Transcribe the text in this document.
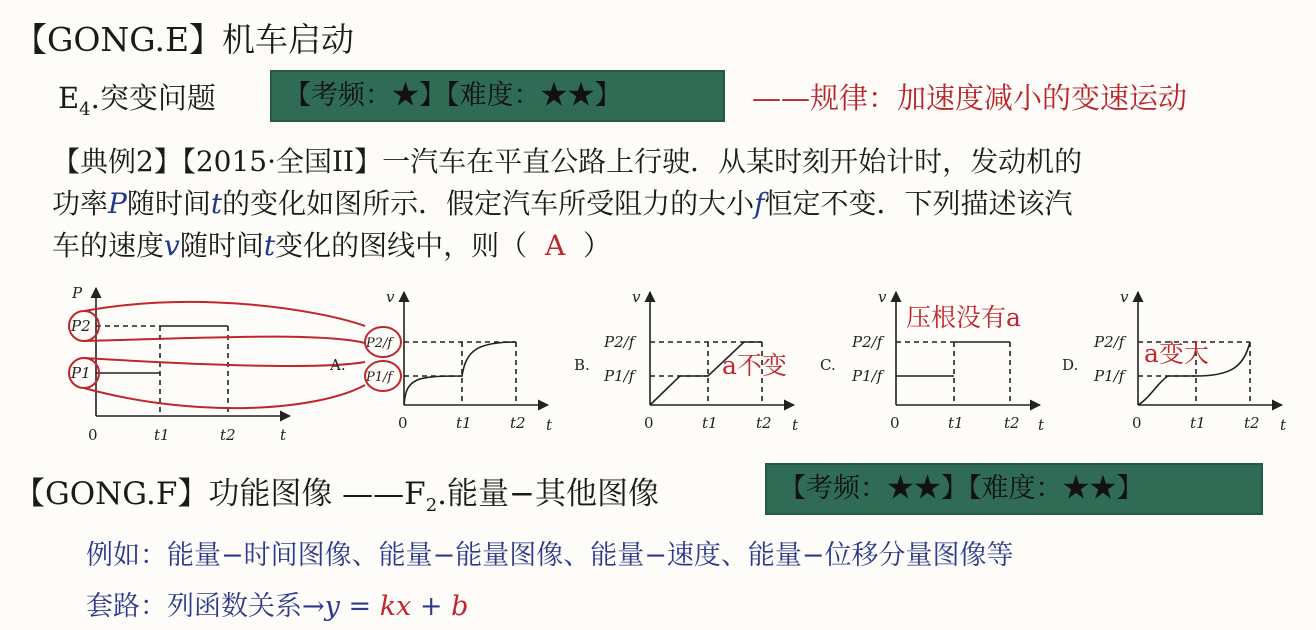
【GONG.E】机车启动
$E_4$.突变问题	【考频：★】【难度：★★】	——规律：加速度减小的变速运动
【典例2】【2015·全国II】一汽车在平直公路上行驶．从某时刻开始计时，发动机的
功率P随时间t的变化如图所示．假定汽车所受阻力的大小f恒定不变．下列描述该汽
车的速度v随时间t变化的图线中，则（ A ）
P
P2
P1
0	t1	t2	t
A.
v
P2/f
P1/f
0	t1	t2 t
B.
v
P2/f
P1/f
0	t1	t2 t
C.
v
P2/f
P1/f
0	t1	t2 t
D.
v
P2/f
P1/f
0	t1	t2 t
a不变
压根没有a
a变大
【GONG.F】功能图像 $——F_2$.能量−其他图像	【考频：★★】【难度：★★】
例如：能量−时间图像、能量−能量图像、能量−速度、能量−位移分量图像等
套路：列函数关系→y = kx + b
